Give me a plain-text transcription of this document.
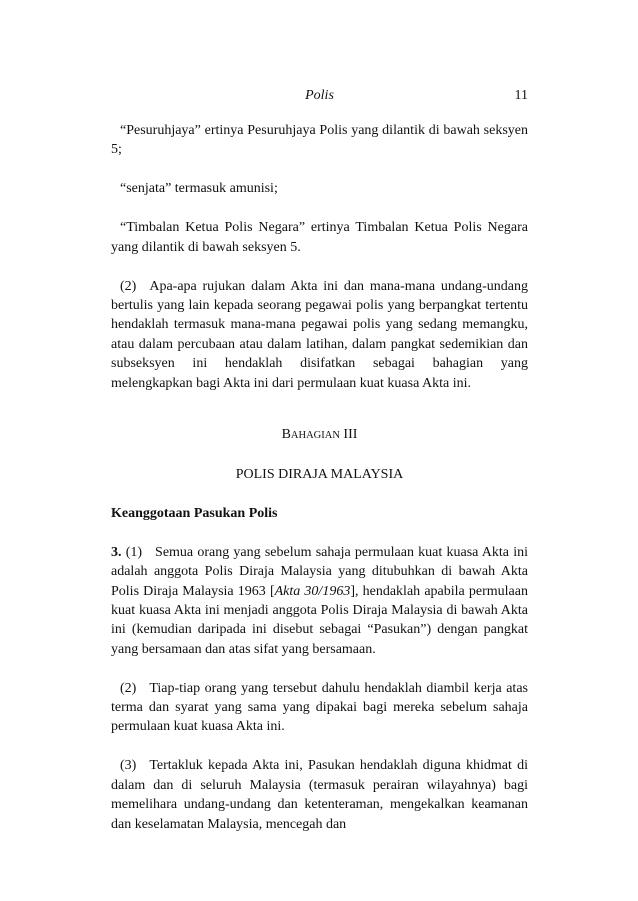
Polis	11

“Pesuruhjaya” ertinya Pesuruhjaya Polis yang dilantik di bawah seksyen 5;

“senjata” termasuk amunisi;

“Timbalan Ketua Polis Negara” ertinya Timbalan Ketua Polis Negara yang dilantik di bawah seksyen 5.

(2) Apa-apa rujukan dalam Akta ini dan mana-mana undang-undang bertulis yang lain kepada seorang pegawai polis yang berpangkat tertentu hendaklah termasuk mana-mana pegawai polis yang sedang memangku, atau dalam percubaan atau dalam latihan, dalam pangkat sedemikian dan subseksyen ini hendaklah disifatkan sebagai bahagian yang melengkapkan bagi Akta ini dari permulaan kuat kuasa Akta ini.

BAHAGIAN III

POLIS DIRAJA MALAYSIA

Keanggotaan Pasukan Polis

3. (1) Semua orang yang sebelum sahaja permulaan kuat kuasa Akta ini adalah anggota Polis Diraja Malaysia yang ditubuhkan di bawah Akta Polis Diraja Malaysia 1963 [Akta 30/1963], hendaklah apabila permulaan kuat kuasa Akta ini menjadi anggota Polis Diraja Malaysia di bawah Akta ini (kemudian daripada ini disebut sebagai “Pasukan”) dengan pangkat yang bersamaan dan atas sifat yang bersamaan.

(2) Tiap-tiap orang yang tersebut dahulu hendaklah diambil kerja atas terma dan syarat yang sama yang dipakai bagi mereka sebelum sahaja permulaan kuat kuasa Akta ini.

(3) Tertakluk kepada Akta ini, Pasukan hendaklah diguna khidmat di dalam dan di seluruh Malaysia (termasuk perairan wilayahnya) bagi memelihara undang-undang dan ketenteraman, mengekalkan keamanan dan keselamatan Malaysia, mencegah dan
